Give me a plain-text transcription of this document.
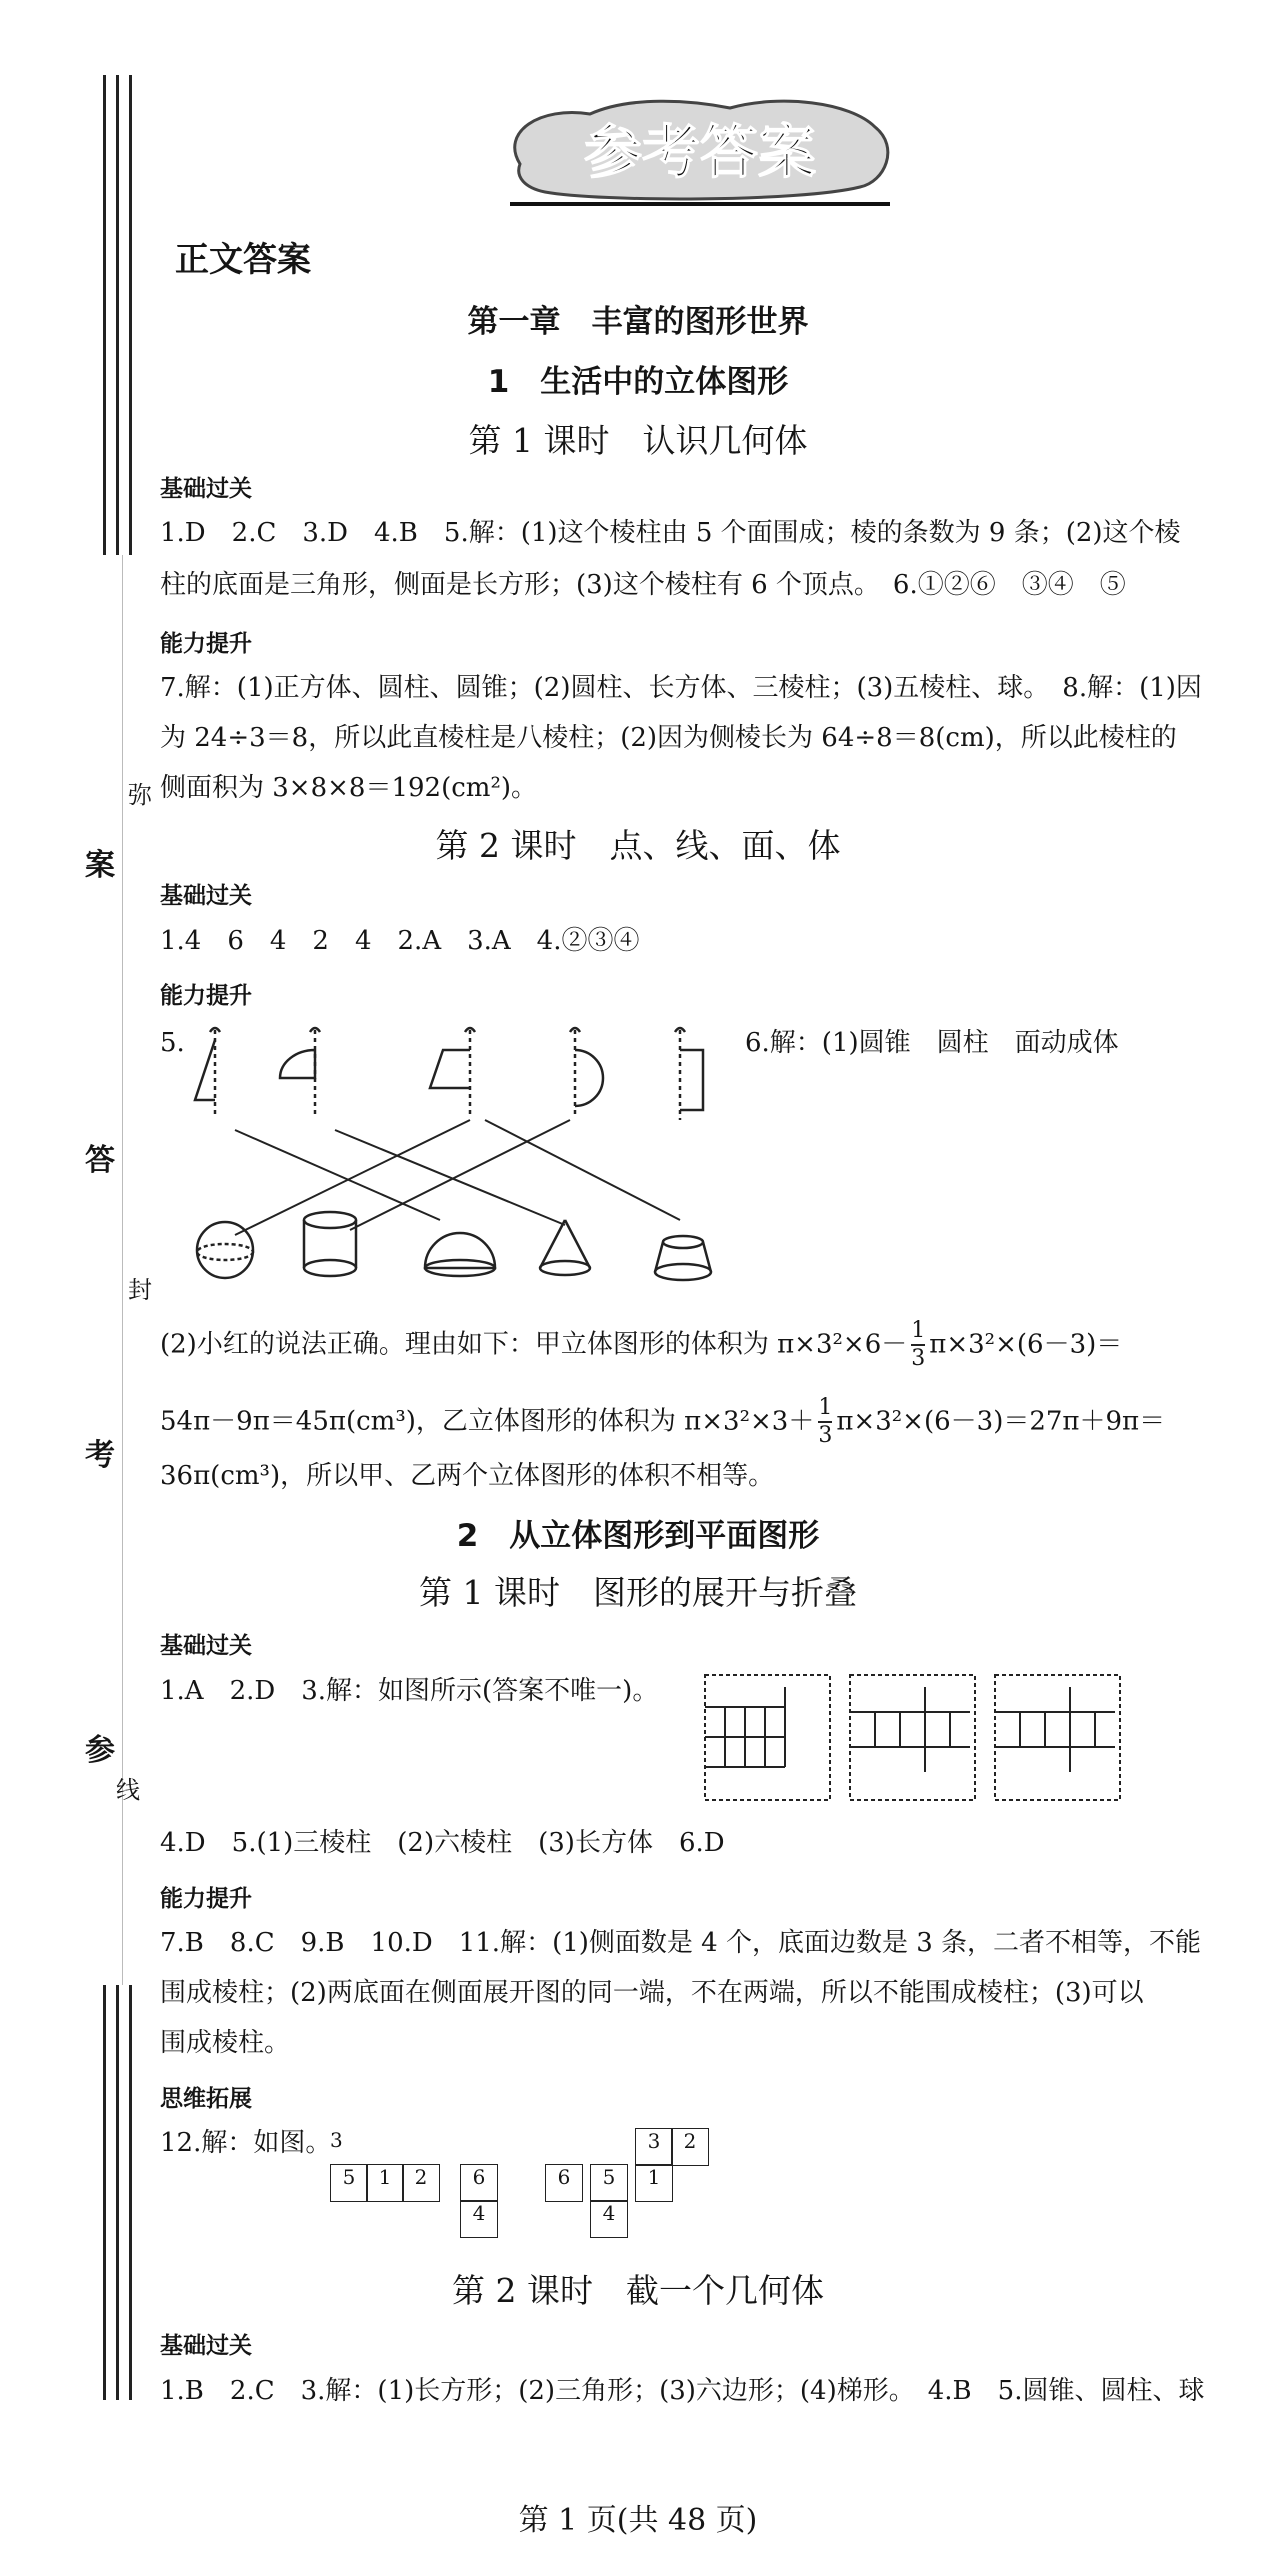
弥
案
答
封
考
参
线
参考答案
正文答案
第一章　丰富的图形世界
1　生活中的立体图形
第 1 课时　认识几何体
基础过关
1.D　2.C　3.D　4.B　5.解：(1)这个棱柱由 5 个面围成；棱的条数为 9 条；(2)这个棱
柱的底面是三角形，侧面是长方形；(3)这个棱柱有 6 个顶点。　6.①②⑥　③④　⑤
能力提升
7.解：(1)正方体、圆柱、圆锥；(2)圆柱、长方体、三棱柱；(3)五棱柱、球。　8.解：(1)因
为 24÷3＝8，所以此直棱柱是八棱柱；(2)因为侧棱长为 64÷8＝8(cm)，所以此棱柱的
侧面积为 3×8×8＝192(cm²)。
第 2 课时　点、线、面、体
基础过关
1.4　6　4　2　4　2.A　3.A　4.②③④
能力提升
5.	6.解：(1)圆锥　圆柱　面动成体
(2)小红的说法正确。理由如下：甲立体图形的体积为 $\pi\times 3^2\times 6- \frac{1}{3} \pi\times 3^2\times(6-3)=$
54π－9π＝45π(cm³)，乙立体图形的体积为 $\pi\times 3^2\times 3+ \frac{1}{3} \pi\times 3^2\times(6-3)=27\pi+9\pi=$
36π(cm³)，所以甲、乙两个立体图形的体积不相等。
2　从立体图形到平面图形
第 1 课时　图形的展开与折叠
基础过关
1.A　2.D　3.解：如图所示(答案不唯一)。
4.D　5.(1)三棱柱　(2)六棱柱　(3)长方体　6.D
能力提升
7.B　8.C　9.B　10.D　11.解：(1)侧面数是 4 个，底面边数是 3 条，二者不相等，不能
围成棱柱；(2)两底面在侧面展开图的同一端，不在两端，所以不能围成棱柱；(3)可以
围成棱柱。
思维拓展
12.解：如图。
3
5	1	2	6
4
3	2
6	5	1
4
第 2 课时　截一个几何体
基础过关
1.B　2.C　3.解：(1)长方形；(2)三角形；(3)六边形；(4)梯形。　4.B　5.圆锥、圆柱、球
第 1 页(共 48 页)
